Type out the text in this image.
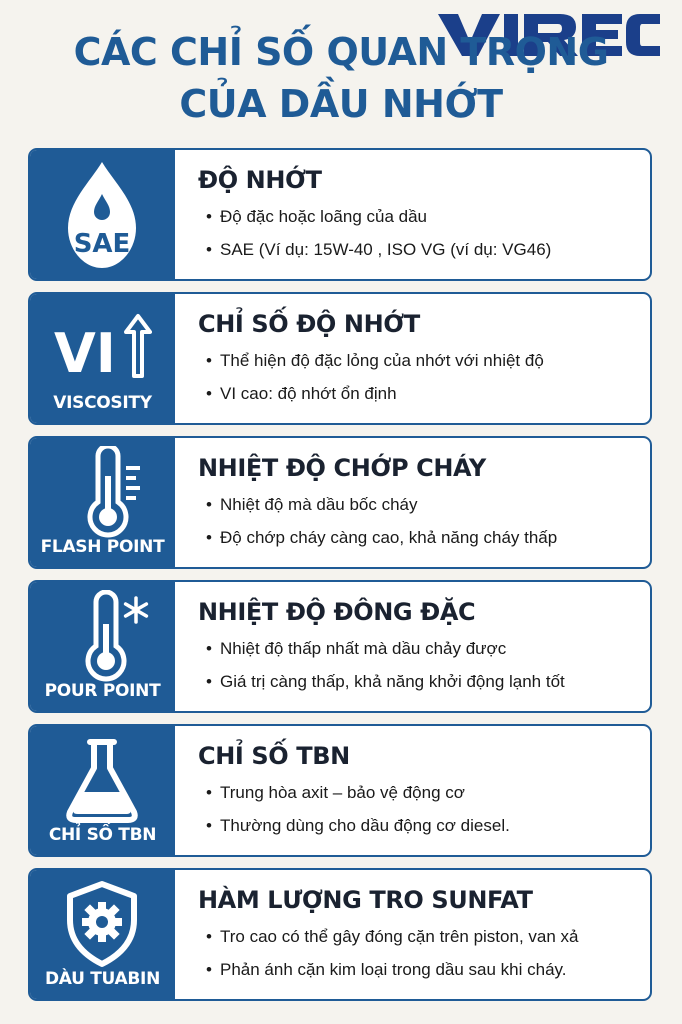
VIREC
CÁC CHỈ SỐ QUAN TRỌNG
CỦA DẦU NHỚT
SAE
ĐỘ NHỚT
• Độ đặc hoặc loãng của dầu
• SAE (Ví dụ: 15W-40 , ISO VG (ví dụ: VG46)
VI
VISCOSITY
CHỈ SỐ ĐỘ NHỚT
• Thể hiện độ đặc lỏng của nhớt với nhiệt độ
• VI cao: độ nhớt ổn định
FLASH POINT
NHIỆT ĐỘ CHỚP CHÁY
• Nhiệt độ mà dầu bốc cháy
• Độ chớp cháy càng cao, khả năng cháy thấp
POUR POINT
NHIỆT ĐỘ ĐÔNG ĐẶC
• Nhiệt độ thấp nhất mà dầu chảy được
• Giá trị càng thấp, khả năng khởi động lạnh tốt
CHỈ SỐ TBN
CHỈ SỐ TBN
• Trung hòa axit – bảo vệ động cơ
• Thường dùng cho dầu động cơ diesel.
DÀU TUABIN
HÀM LƯỢNG TRO SUNFAT
• Tro cao có thể gây đóng cặn trên piston, van xả
• Phản ánh cặn kim loại trong dầu sau khi cháy.
